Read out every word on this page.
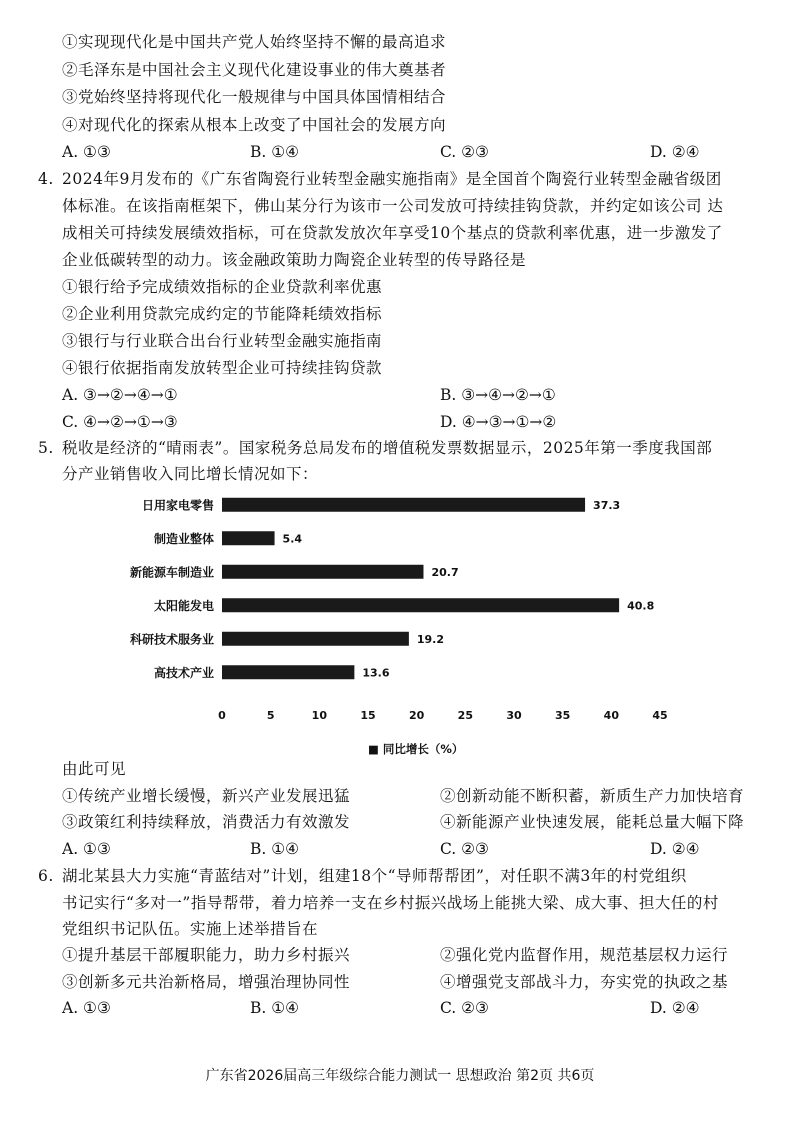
①实现现代化是中国共产党人始终坚持不懈的最高追求
②毛泽东是中国社会主义现代化建设事业的伟大奠基者
③党始终坚持将现代化一般规律与中国具体国情相结合
④对现代化的探索从根本上改变了中国社会的发展方向
A. ①③	B. ①④	C. ②③	D. ②④
4. 2024年9月发布的《广东省陶瓷行业转型金融实施指南》是全国首个陶瓷行业转型金融省级团
体标准。在该指南框架下，佛山某分行为该市一公司发放可持续挂钩贷款，并约定如该公司 达
成相关可持续发展绩效指标，可在贷款发放次年享受10个基点的贷款利率优惠，进一步激发了
企业低碳转型的动力。该金融政策助力陶瓷企业转型的传导路径是
①银行给予完成绩效指标的企业贷款利率优惠
②企业利用贷款完成约定的节能降耗绩效指标
③银行与行业联合出台行业转型金融实施指南
④银行依据指南发放转型企业可持续挂钩贷款
A. ③→②→④→①	B. ③→④→②→①
C. ④→②→①→③	D. ④→③→①→②
5. 税收是经济的“晴雨表”。国家税务总局发布的增值税发票数据显示，2025年第一季度我国部
分产业销售收入同比增长情况如下：
日用家电零售	37.3
制造业整体	5.4
新能源车制造业	20.7
太阳能发电	40.8
科研技术服务业	19.2
高技术产业	13.6
0	5	10	15	20	25	30	35	40	45
■ 同比增长（%）
由此可见
①传统产业增长缓慢，新兴产业发展迅猛	②创新动能不断积蓄，新质生产力加快培育
③政策红利持续释放，消费活力有效激发	④新能源产业快速发展，能耗总量大幅下降
A. ①③	B. ①④	C. ②③	D. ②④
6. 湖北某县大力实施“青蓝结对”计划，组建18个“导师帮帮团”，对任职不满3年的村党组织
书记实行“多对一”指导帮带，着力培养一支在乡村振兴战场上能挑大梁、成大事、担大任的村
党组织书记队伍。实施上述举措旨在
①提升基层干部履职能力，助力乡村振兴	②强化党内监督作用，规范基层权力运行
③创新多元共治新格局，增强治理协同性	④增强党支部战斗力，夯实党的执政之基
A. ①③	B. ①④	C. ②③	D. ②④
广东省2026届高三年级综合能力测试一 思想政治 第2页 共6页
